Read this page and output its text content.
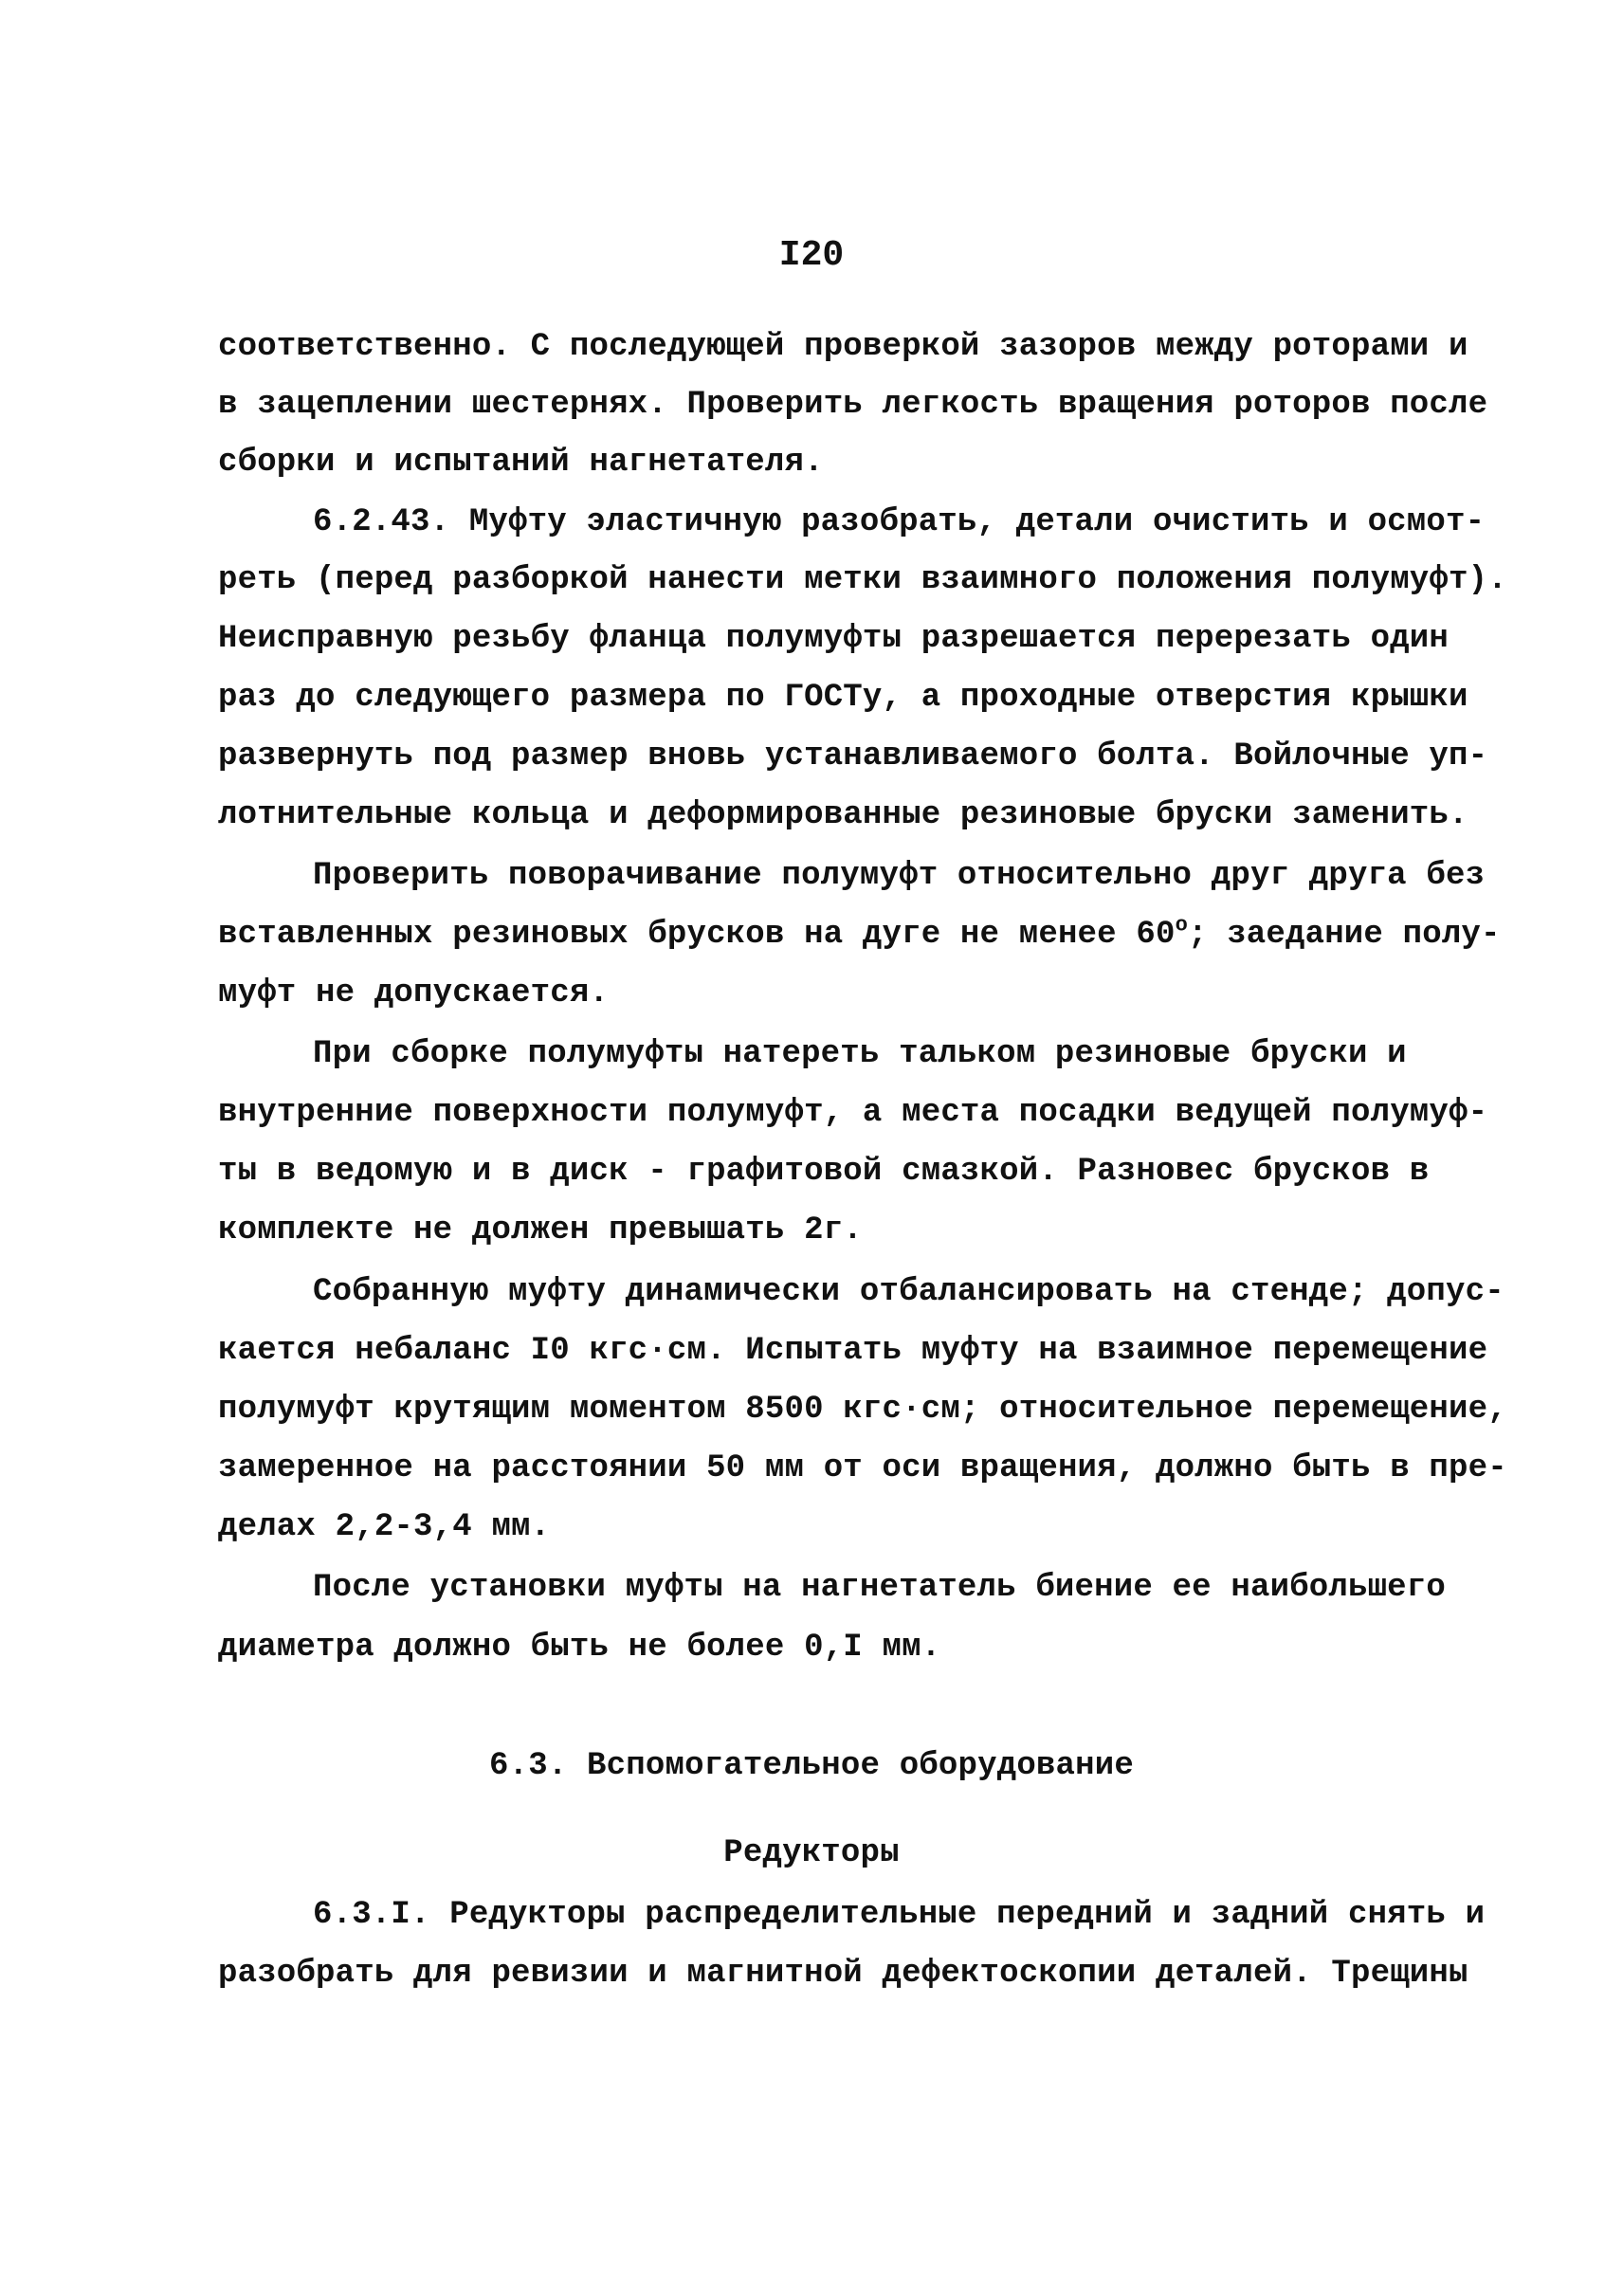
I20
соответственно. С последующей проверкой зазоров между роторами и
в зацеплении шестернях. Проверить легкость вращения роторов после
сборки и испытаний нагнетателя.
6.2.43. Муфту эластичную разобрать, детали очистить и осмот-
реть (перед разборкой нанести метки взаимного положения полумуфт).
Неисправную резьбу фланца полумуфты разрешается перерезать один
раз до следующего размера по ГОСТу, а проходные отверстия крышки
развернуть под размер вновь устанавливаемого болта. Войлочные уп-
лотнительные кольца и деформированные резиновые бруски заменить.
Проверить поворачивание полумуфт относительно друг друга без
вставленных резиновых брусков на дуге не менее 60$^o$; заедание полу-
муфт не допускается.
При сборке полумуфты натереть тальком резиновые бруски и
внутренние поверхности полумуфт, а места посадки ведущей полумуф-
ты в ведомую и в диск - графитовой смазкой. Разновес брусков в
комплекте не должен превышать 2г.
Собранную муфту динамически отбалансировать на стенде; допус-
кается небаланс I0 кгс·см. Испытать муфту на взаимное перемещение
полумуфт крутящим моментом 8500 кгс·см; относительное перемещение,
замеренное на расстоянии 50 мм от оси вращения, должно быть в пре-
делах 2,2-3,4 мм.
После установки муфты на нагнетатель биение ее наибольшего
диаметра должно быть не более 0,I мм.
6.3. Вспомогательное оборудование
Редукторы
6.3.I. Редукторы распределительные передний и задний снять и
разобрать для ревизии и магнитной дефектоскопии деталей. Трещины
